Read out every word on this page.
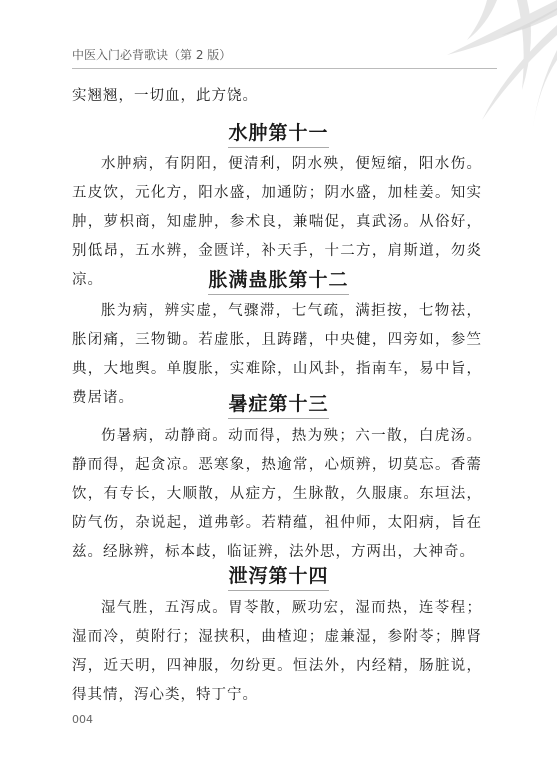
中医入门必背歌诀（第 2 版）
实翘翘，一切血，此方饶。
水肿第十一
水肿病，有阴阳，便清利，阴水殃，便短缩，阳水伤。五皮饮，元化方，阳水盛，加通防；阴水盛，加桂姜。知实肿，萝枳商，知虚肿，参术良，兼喘促，真武汤。从俗好，别低昂，五水辨，金匮详，补天手，十二方，肩斯道，勿炎凉。	胀满蛊胀第十二
胀为病，辨实虚，气骤滞，七气疏，满拒按，七物祛，胀闭痛，三物锄。若虚胀，且踌躇，中央健，四旁如，参竺典，大地舆。单腹胀，实难除，山风卦，指南车，易中旨，费居诸。	暑症第十三
伤暑病，动静商。动而得，热为殃；六一散，白虎汤。静而得，起贪凉。恶寒象，热逾常，心烦辨，切莫忘。香薷饮，有专长，大顺散，从症方，生脉散，久服康。东垣法，防气伤，杂说起，道弗彰。若精蕴，祖仲师，太阳病，旨在兹。经脉辨，标本歧，临证辨，法外思，方两出，大神奇。
泄泻第十四
湿气胜，五泻成。胃苓散，厥功宏，湿而热，连苓程；湿而冷，萸附行；湿挟积，曲楂迎；虚兼湿，参附苓；脾肾泻，近天明，四神服，勿纷更。恒法外，内经精，肠脏说，得其情，泻心类，特丁宁。
004
